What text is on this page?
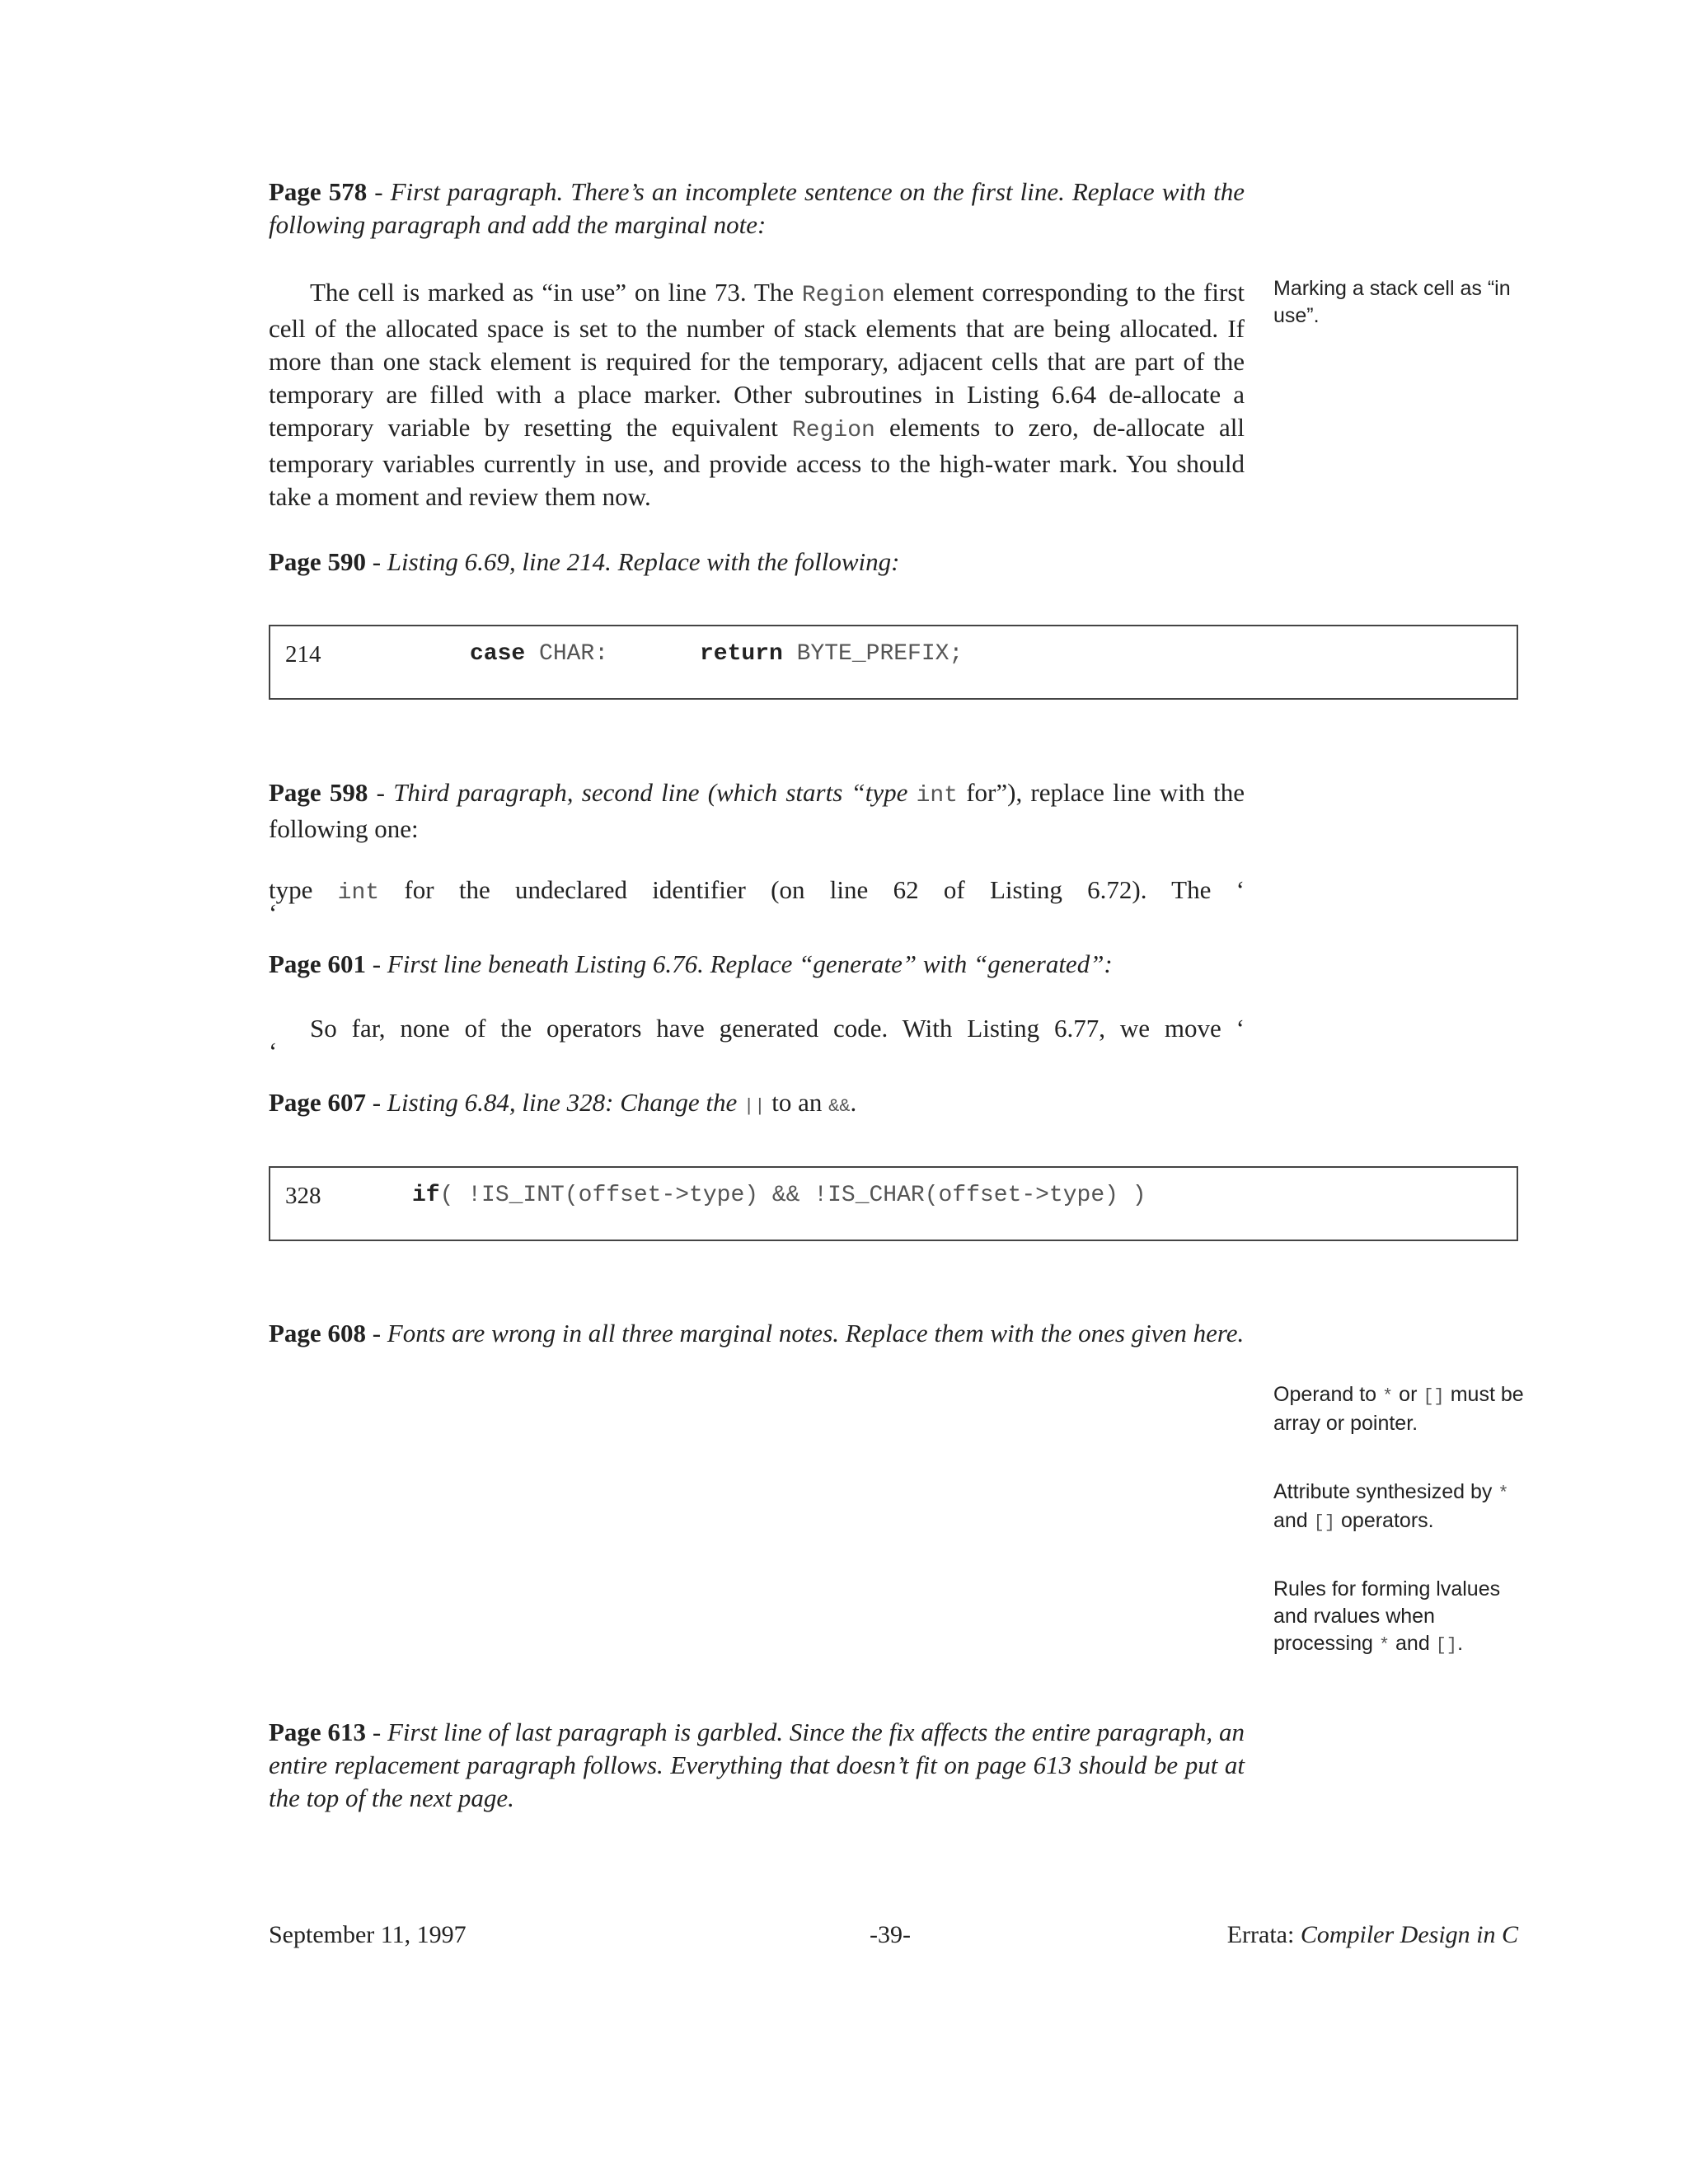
Page 578 - First paragraph. There’s an incomplete sentence on the first line. Replace with the following paragraph and add the marginal note:
The cell is marked as “in use” on line 73. The Region element corresponding to the first cell of the allocated space is set to the number of stack elements that are being allocated. If more than one stack element is required for the temporary, adjacent cells that are part of the temporary are filled with a place marker. Other subroutines in Listing 6.64 de-allocate a temporary variable by resetting the equivalent Region elements to zero, de-allocate all temporary variables currently in use, and provide access to the high-water mark. You should take a moment and review them now.
Marking a stack cell as “in use”.
Page 590 - Listing 6.69, line 214. Replace with the following:
214	case CHAR:	return BYTE_PREFIX;
Page 598 - Third paragraph, second line (which starts “type int for”), replace line with the following one:
type int for the undeclared identifier (on line 62 of Listing 6.72). The ‘
‘
Page 601 - First line beneath Listing 6.76. Replace “generate” with “generated”:
So far, none of the operators have generated code. With Listing 6.77, we move ‘
‘
Page 607 - Listing 6.84, line 328: Change the || to an &&.
328	if( !IS_INT(offset->type) && !IS_CHAR(offset->type) )
Page 608 - Fonts are wrong in all three marginal notes. Replace them with the ones given here.
Operand to * or [] must be array or pointer.
Attribute synthesized by * and [] operators.
Rules for forming lvalues and rvalues when processing * and [].
Page 613 - First line of last paragraph is garbled. Since the fix affects the entire paragraph, an entire replacement paragraph follows. Everything that doesn’t fit on page 613 should be put at the top of the next page.
September 11, 1997	-39-	Errata: Compiler Design in C
